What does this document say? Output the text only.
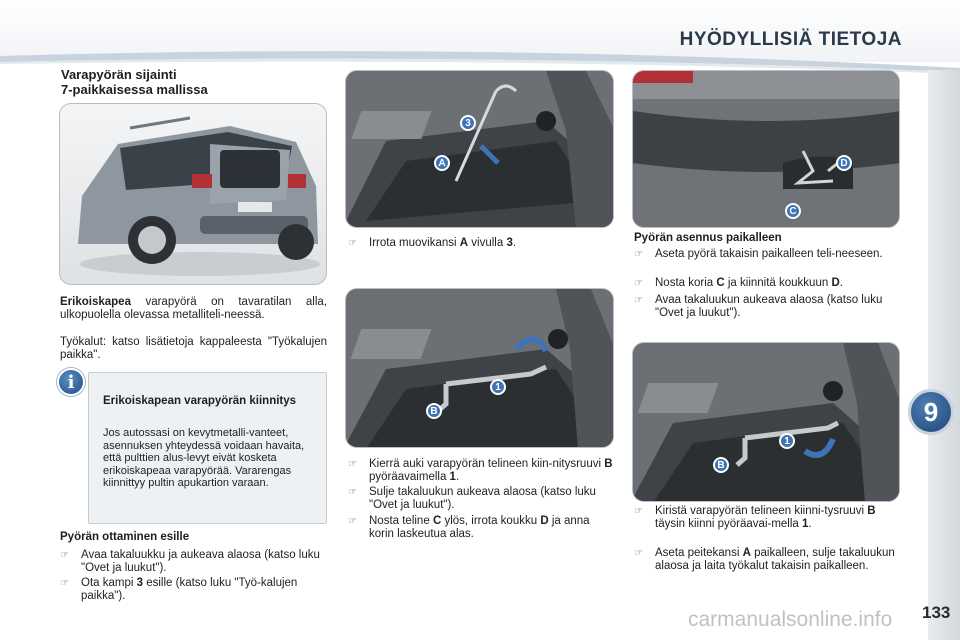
HYÖDYLLISIÄ TIETOJA
9
Varapyörän sijainti
7-paikkaisessa mallissa
Erikoiskapea varapyörä on tavaratilan alla, ulkopuolella olevassa metalliteli-neessä.
Työkalut: katso lisätietoja kappaleesta "Työkalujen paikka".
Erikoiskapean varapyörän kiinnitys
Jos autossasi on kevytmetalli-vanteet, asennuksen yhteydessä voidaan havaita, että pulttien alus-levyt eivät kosketa erikoiskapeaa varapyörää. Vararengas kiinnittyy pultin apukartion varaan.
i
Pyörän ottaminen esille
☞	Avaa takaluukku ja aukeava alaosa (katso luku "Ovet ja luukut").
☞	Ota kampi 3 esille (katso luku "Työ-kalujen paikka").
3
A
☞	Irrota muovikansi A vivulla 3.
1
B
☞	Kierrä auki varapyörän telineen kiin-nitysruuvi B pyöräavaimella 1.
☞	Sulje takaluukun aukeava alaosa (katso luku "Ovet ja luukut").
☞	Nosta teline C ylös, irrota koukku D ja anna korin laskeutua alas.
D
C
Pyörän asennus paikalleen
☞	Aseta pyörä takaisin paikalleen teli-neeseen.
☞	Nosta koria C ja kiinnitä koukkuun D.
☞	Avaa takaluukun aukeava alaosa (katso luku "Ovet ja luukut").
1
B
☞	Kiristä varapyörän telineen kiinni-tysruuvi B täysin kiinni pyöräavai-mella 1.
☞	Aseta peitekansi A paikalleen, sulje takaluukun alaosa ja laita työkalut takaisin paikalleen.
carmanualsonline.info 133
